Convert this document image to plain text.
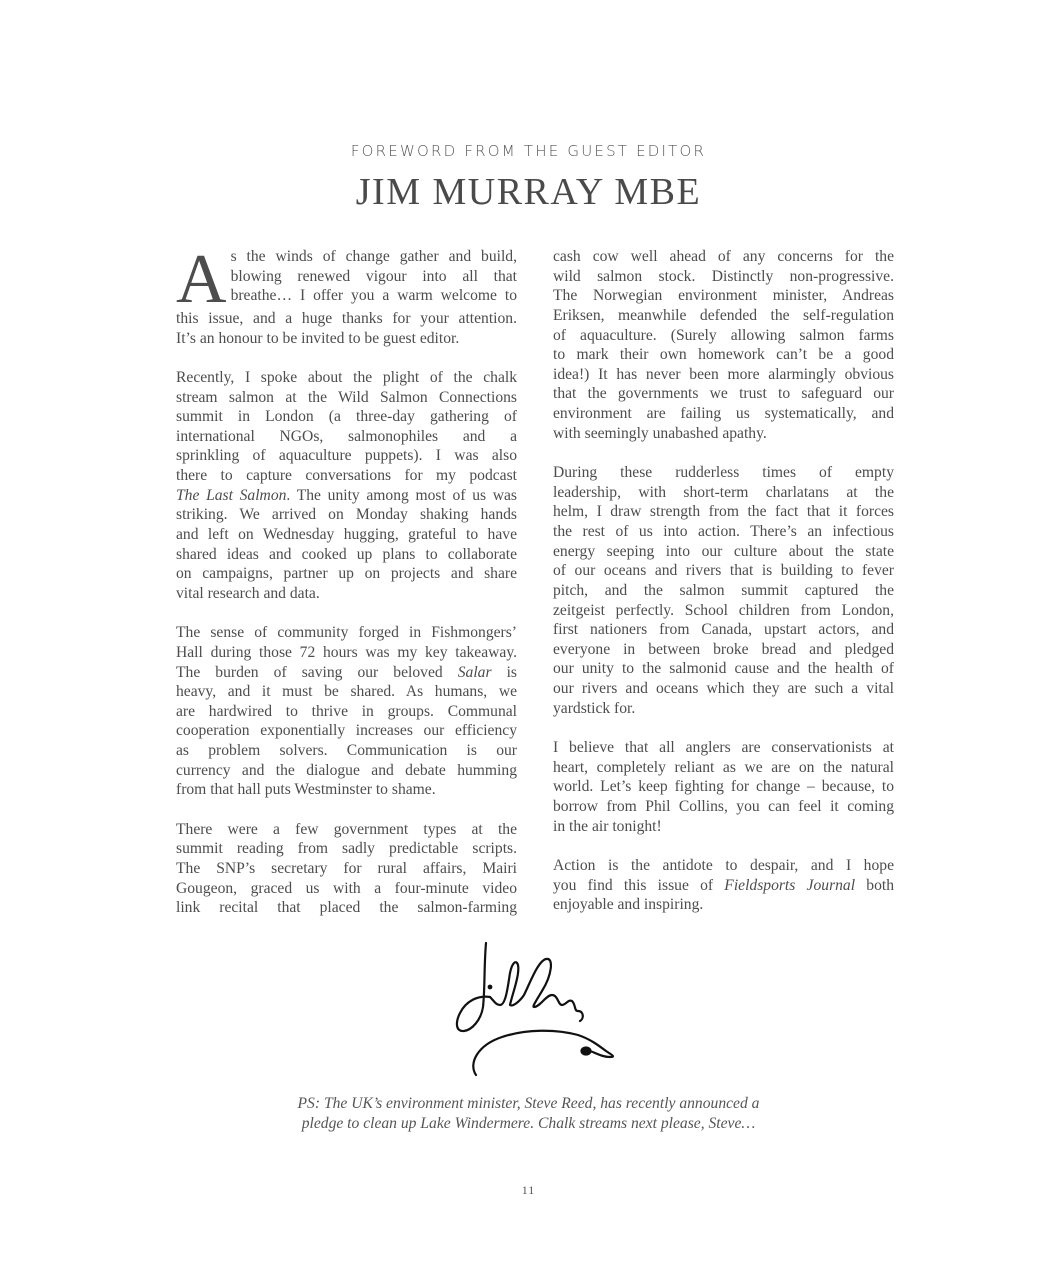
FOREWORD FROM THE GUEST EDITOR
JIM MURRAY MBE

A s the winds of change gather and build,
blowing renewed vigour into all that
breathe… I offer you a warm welcome to
this issue, and a huge thanks for your attention.
It’s an honour to be invited to be guest editor.

Recently, I spoke about the plight of the chalk
stream salmon at the Wild Salmon Connections
summit in London (a three-day gathering of
international NGOs, salmonophiles and a
sprinkling of aquaculture puppets). I was also
there to capture conversations for my podcast
The Last Salmon. The unity among most of us was
striking. We arrived on Monday shaking hands
and left on Wednesday hugging, grateful to have
shared ideas and cooked up plans to collaborate
on campaigns, partner up on projects and share
vital research and data.

The sense of community forged in Fishmongers’
Hall during those 72 hours was my key takeaway.
The burden of saving our beloved Salar is
heavy, and it must be shared. As humans, we
are hardwired to thrive in groups. Communal
cooperation exponentially increases our efficiency
as problem solvers. Communication is our
currency and the dialogue and debate humming
from that hall puts Westminster to shame.

There were a few government types at the
summit reading from sadly predictable scripts.
The SNP’s secretary for rural affairs, Mairi
Gougeon, graced us with a four-minute video
link recital that placed the salmon-farming

cash cow well ahead of any concerns for the
wild salmon stock. Distinctly non-progressive.
The Norwegian environment minister, Andreas
Eriksen, meanwhile defended the self-regulation
of aquaculture. (Surely allowing salmon farms
to mark their own homework can’t be a good
idea!) It has never been more alarmingly obvious
that the governments we trust to safeguard our
environment are failing us systematically, and
with seemingly unabashed apathy.

During these rudderless times of empty
leadership, with short-term charlatans at the
helm, I draw strength from the fact that it forces
the rest of us into action. There’s an infectious
energy seeping into our culture about the state
of our oceans and rivers that is building to fever
pitch, and the salmon summit captured the
zeitgeist perfectly. School children from London,
first nationers from Canada, upstart actors, and
everyone in between broke bread and pledged
our unity to the salmonid cause and the health of
our rivers and oceans which they are such a vital
yardstick for.

I believe that all anglers are conservationists at
heart, completely reliant as we are on the natural
world. Let’s keep fighting for change – because, to
borrow from Phil Collins, you can feel it coming
in the air tonight!

Action is the antidote to despair, and I hope
you find this issue of Fieldsports Journal both
enjoyable and inspiring.

PS: The UK’s environment minister, Steve Reed, has recently announced a
pledge to clean up Lake Windermere. Chalk streams next please, Steve…
11
